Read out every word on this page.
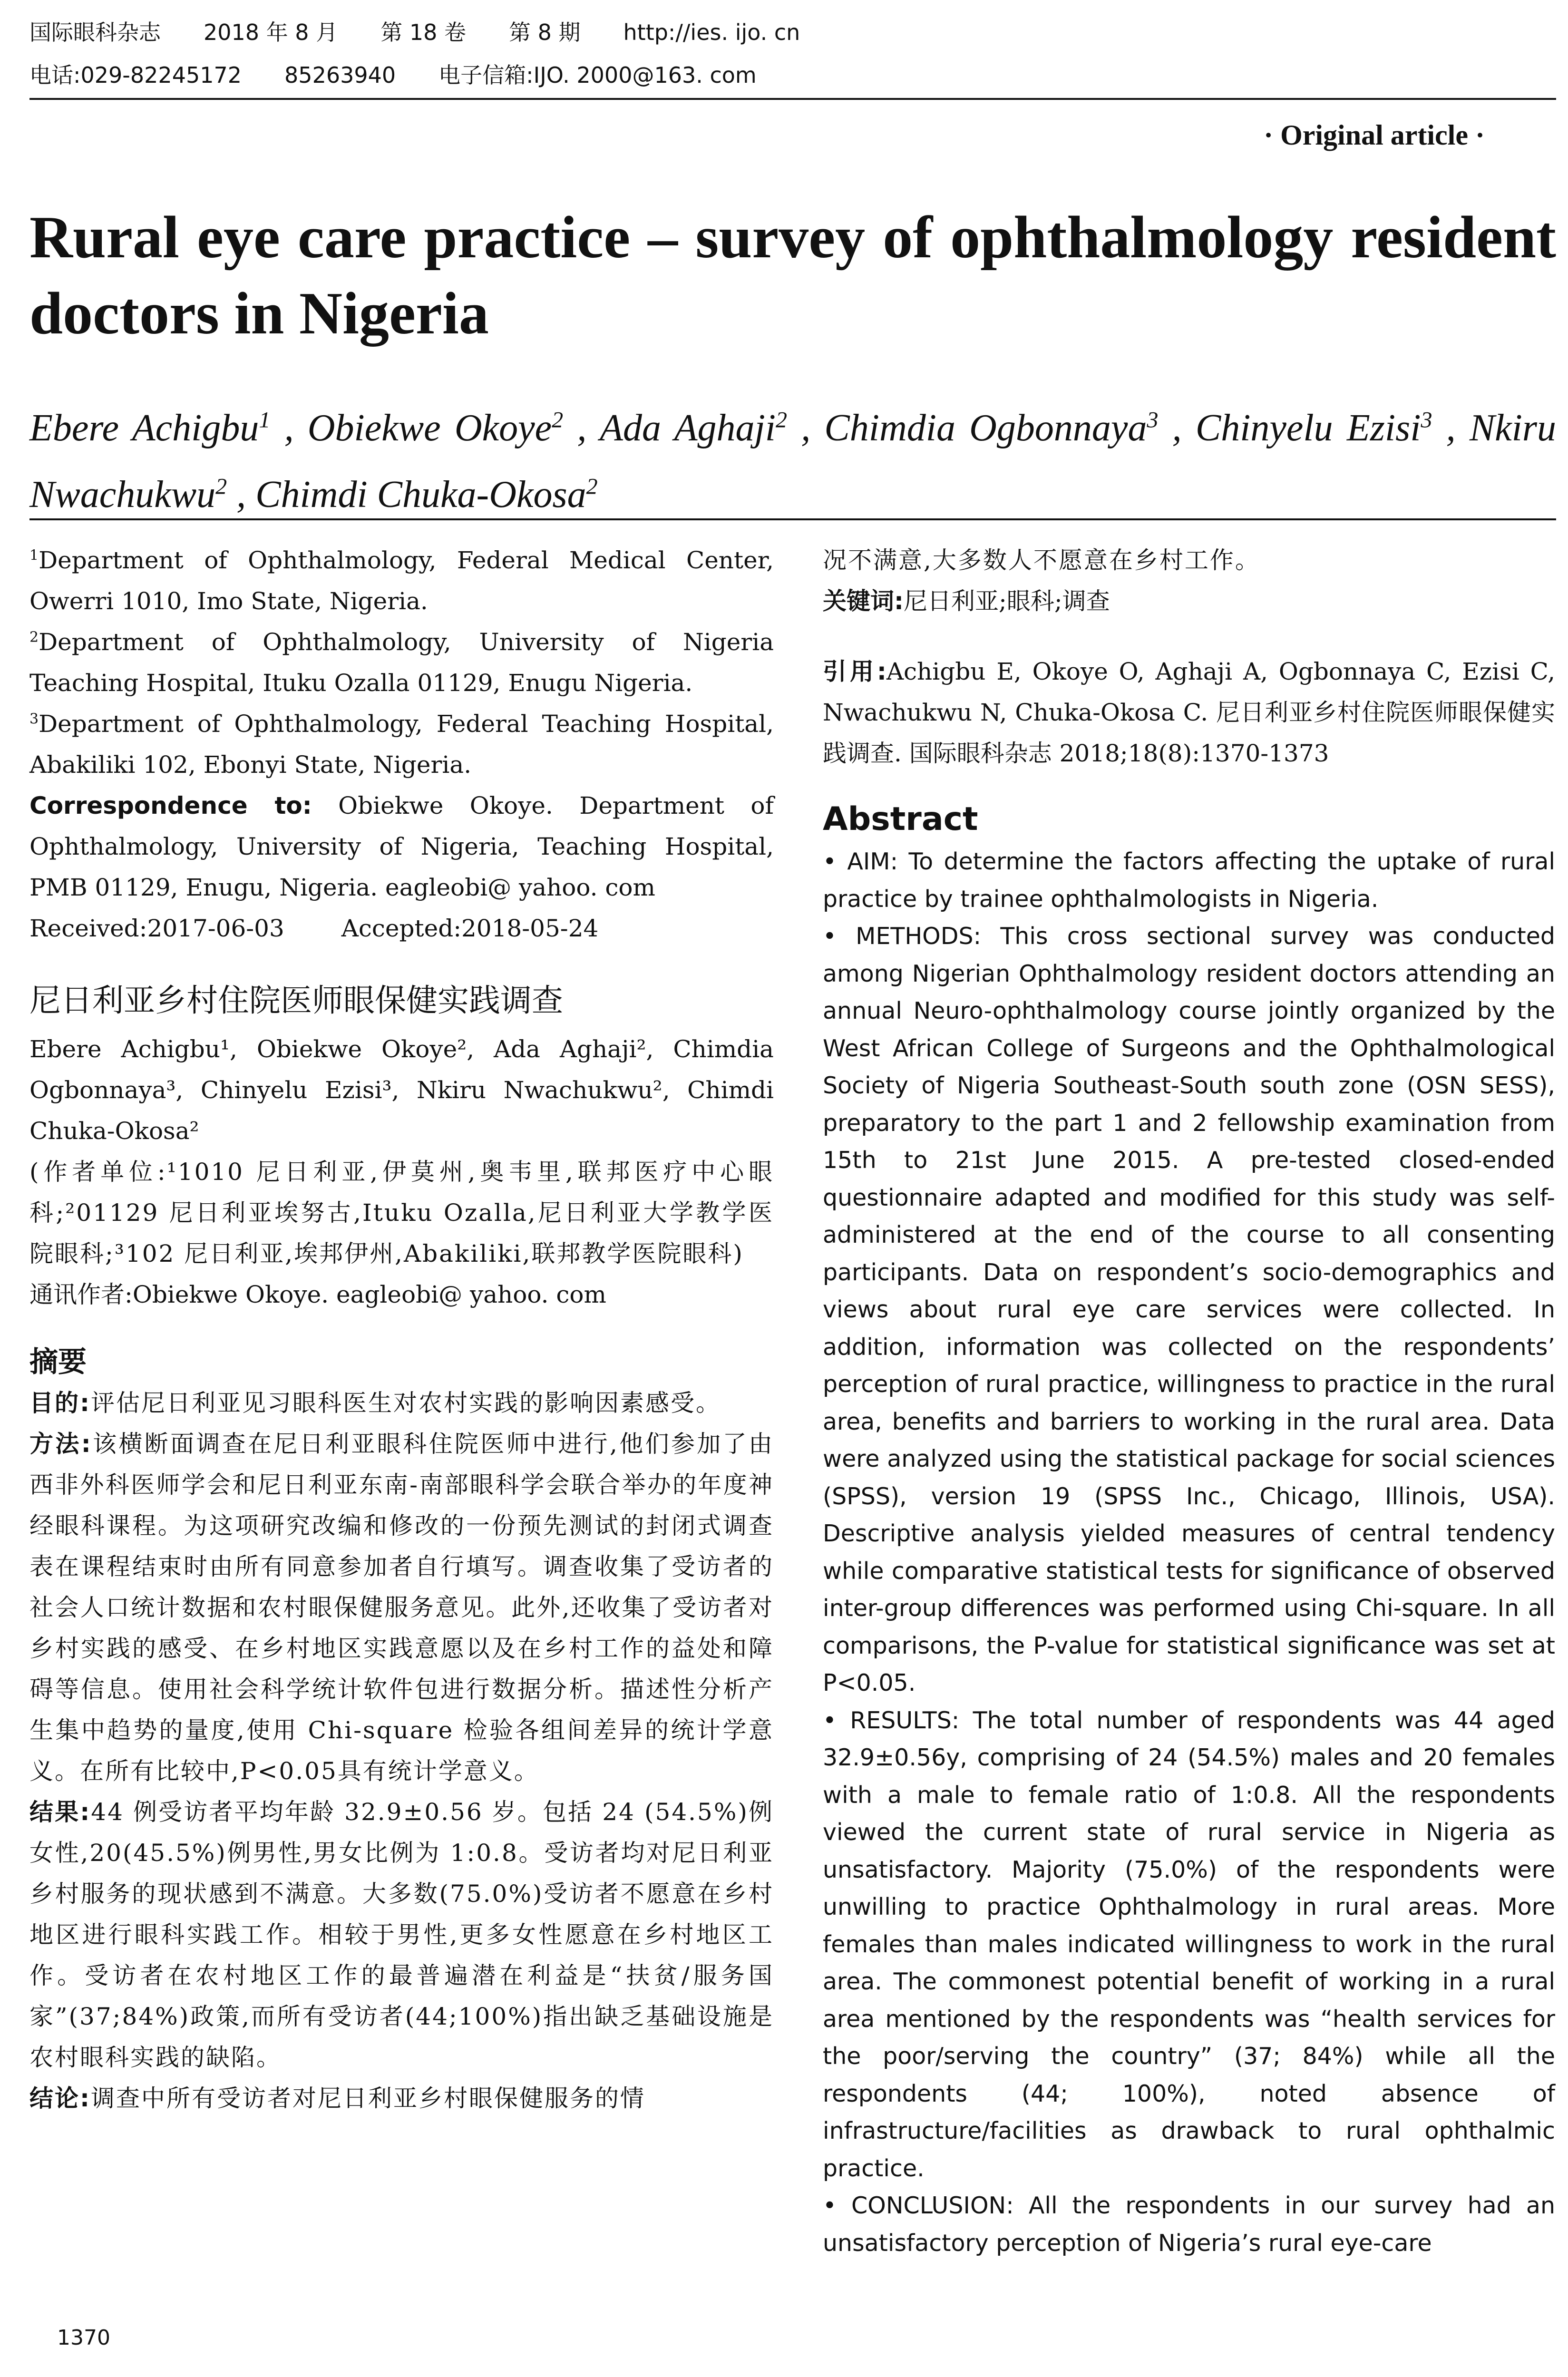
国际眼科杂志 2018 年 8 月 第 18 卷 第 8 期 http://ies. ijo. cn
电话:029-82245172 85263940 电子信箱:IJO. 2000@163. com
· Original article ·
Rural eye care practice – survey of ophthalmology resident doctors in Nigeria
Ebere Achigbu$^1$ , Obiekwe Okoye$^2$ , Ada Aghaji$^2$ , Chimdia Ogbonnaya$^3$ , Chinyelu Ezisi$^3$ , Nkiru Nwachukwu$^2$ , Chimdi Chuka-Okosa$^2$

$^1$Department of Ophthalmology, Federal Medical Center, Owerri 1010, Imo State, Nigeria.

$^2$Department of Ophthalmology, University of Nigeria Teaching Hospital, Ituku Ozalla 01129, Enugu Nigeria.

$^3$Department of Ophthalmology, Federal Teaching Hospital, Abakiliki 102, Ebonyi State, Nigeria.

Correspondence to: Obiekwe Okoye. Department of Ophthalmology, University of Nigeria, Teaching Hospital, PMB 01129, Enugu, Nigeria. eagleobi@ yahoo. com

Received:2017-06-03 Accepted:2018-05-24

尼日利亚乡村住院医师眼保健实践调查

Ebere Achigbu¹, Obiekwe Okoye², Ada Aghaji², Chimdia Ogbonnaya³, Chinyelu Ezisi³, Nkiru Nwachukwu², Chimdi Chuka-Okosa²

(作者单位:¹1010 尼日利亚,伊莫州,奥韦里,联邦医疗中心眼科;²01129 尼日利亚埃努古,Ituku Ozalla,尼日利亚大学教学医院眼科;³102 尼日利亚,埃邦伊州,Abakiliki,联邦教学医院眼科)

通讯作者:Obiekwe Okoye. eagleobi@ yahoo. com

摘要

目的:评估尼日利亚见习眼科医生对农村实践的影响因素感受。

方法:该横断面调查在尼日利亚眼科住院医师中进行,他们参加了由西非外科医师学会和尼日利亚东南-南部眼科学会联合举办的年度神经眼科课程。为这项研究改编和修改的一份预先测试的封闭式调查表在课程结束时由所有同意参加者自行填写。调查收集了受访者的社会人口统计数据和农村眼保健服务意见。此外,还收集了受访者对乡村实践的感受、在乡村地区实践意愿以及在乡村工作的益处和障碍等信息。使用社会科学统计软件包进行数据分析。描述性分析产生集中趋势的量度,使用 Chi-square 检验各组间差异的统计学意义。在所有比较中,P<0.05具有统计学意义。

结果:44 例受访者平均年龄 32.9±0.56 岁。包括 24 (54.5%)例女性,20(45.5%)例男性,男女比例为 1:0.8。受访者均对尼日利亚乡村服务的现状感到不满意。大多数(75.0%)受访者不愿意在乡村地区进行眼科实践工作。相较于男性,更多女性愿意在乡村地区工作。受访者在农村地区工作的最普遍潜在利益是“扶贫/服务国家”(37;84%)政策,而所有受访者(44;100%)指出缺乏基础设施是农村眼科实践的缺陷。

结论:调查中所有受访者对尼日利亚乡村眼保健服务的情

况不满意,大多数人不愿意在乡村工作。

关键词:尼日利亚;眼科;调查

引用:Achigbu E, Okoye O, Aghaji A, Ogbonnaya C, Ezisi C, Nwachukwu N, Chuka-Okosa C. 尼日利亚乡村住院医师眼保健实践调查. 国际眼科杂志 2018;18(8):1370-1373

Abstract

• AIM: To determine the factors affecting the uptake of rural practice by trainee ophthalmologists in Nigeria.

• METHODS: This cross sectional survey was conducted among Nigerian Ophthalmology resident doctors attending an annual Neuro-ophthalmology course jointly organized by the West African College of Surgeons and the Ophthalmological Society of Nigeria Southeast-South south zone (OSN SESS), preparatory to the part 1 and 2 fellowship examination from 15th to 21st June 2015. A pre-tested closed-ended questionnaire adapted and modified for this study was self-administered at the end of the course to all consenting participants. Data on respondent’s socio-demographics and views about rural eye care services were collected. In addition, information was collected on the respondents’ perception of rural practice, willingness to practice in the rural area, benefits and barriers to working in the rural area. Data were analyzed using the statistical package for social sciences (SPSS), version 19 (SPSS Inc., Chicago, Illinois, USA). Descriptive analysis yielded measures of central tendency while comparative statistical tests for significance of observed inter-group differences was performed using Chi-square. In all comparisons, the P-value for statistical significance was set at P<0.05.

• RESULTS: The total number of respondents was 44 aged 32.9±0.56y, comprising of 24 (54.5%) males and 20 females with a male to female ratio of 1:0.8. All the respondents viewed the current state of rural service in Nigeria as unsatisfactory. Majority (75.0%) of the respondents were unwilling to practice Ophthalmology in rural areas. More females than males indicated willingness to work in the rural area. The commonest potential benefit of working in a rural area mentioned by the respondents was “health services for the poor/serving the country” (37; 84%) while all the respondents (44; 100%), noted absence of infrastructure/facilities as drawback to rural ophthalmic practice.

• CONCLUSION: All the respondents in our survey had an unsatisfactory perception of Nigeria’s rural eye-care

1370
